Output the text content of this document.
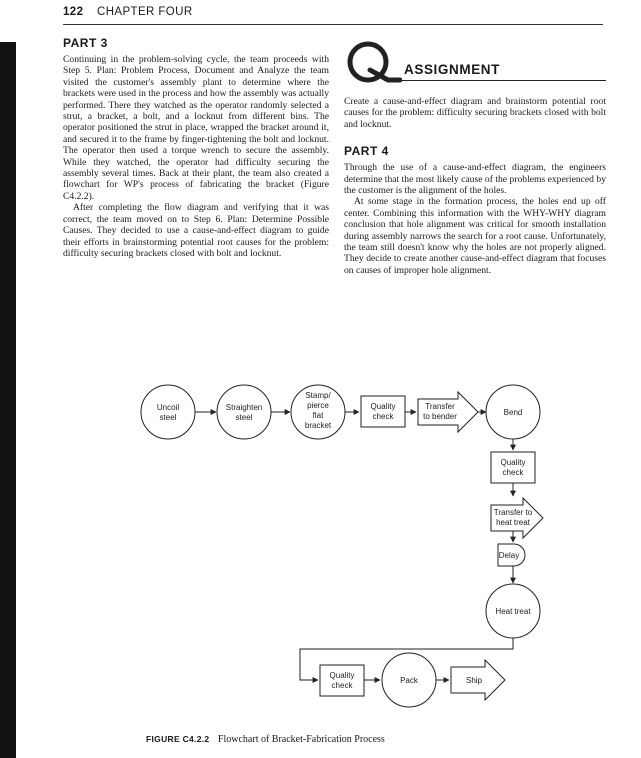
122 CHAPTER FOUR
PART 3

Continuing in the problem-solving cycle, the team proceeds with Step 5. Plan: Problem Process, Document and Analyze the team visited the customer's assembly plant to determine where the brackets were used in the process and how the assembly was actually performed. There they watched as the operator randomly selected a strut, a bracket, a bolt, and a locknut from different bins. The operator positioned the strut in place, wrapped the bracket around it, and secured it to the frame by finger-tightening the bolt and locknut. The operator then used a torque wrench to secure the assembly. While they watched, the operator had difficulty securing the assembly several times. Back at their plant, the team also created a flowchart for WP's process of fabricating the bracket (Figure C4.2.2).

After completing the flow diagram and verifying that it was correct, the team moved on to Step 6. Plan: Determine Possible Causes. They decided to use a cause-and-effect diagram to guide their efforts in brainstorming potential root causes for the problem: difficulty securing brackets closed with bolt and locknut.

ASSIGNMENT

Create a cause-and-effect diagram and brainstorm potential root causes for the problem: difficulty securing brackets closed with bolt and locknut.

PART 4

Through the use of a cause-and-effect diagram, the engineers determine that the most likely cause of the problems experienced by the customer is the alignment of the holes.

At some stage in the formation process, the holes end up off center. Combining this information with the WHY-WHY diagram conclusion that hole alignment was critical for smooth installation during assembly narrows the search for a root cause. Unfortunately, the team still doesn't know why the holes are not properly aligned. They decide to create another cause-and-effect diagram that focuses on causes of improper hole alignment.

Uncoil
steel
Straighten
steel
Stamp/
pierce
flat
bracket
Quality
check
Transfer
to bender	Bend
Quality
check
Transfer to
heat treat
Delay
Heat treat
Quality
check
Pack	Ship
FIGURE C4.2.2 Flowchart of Bracket-Fabrication Process
